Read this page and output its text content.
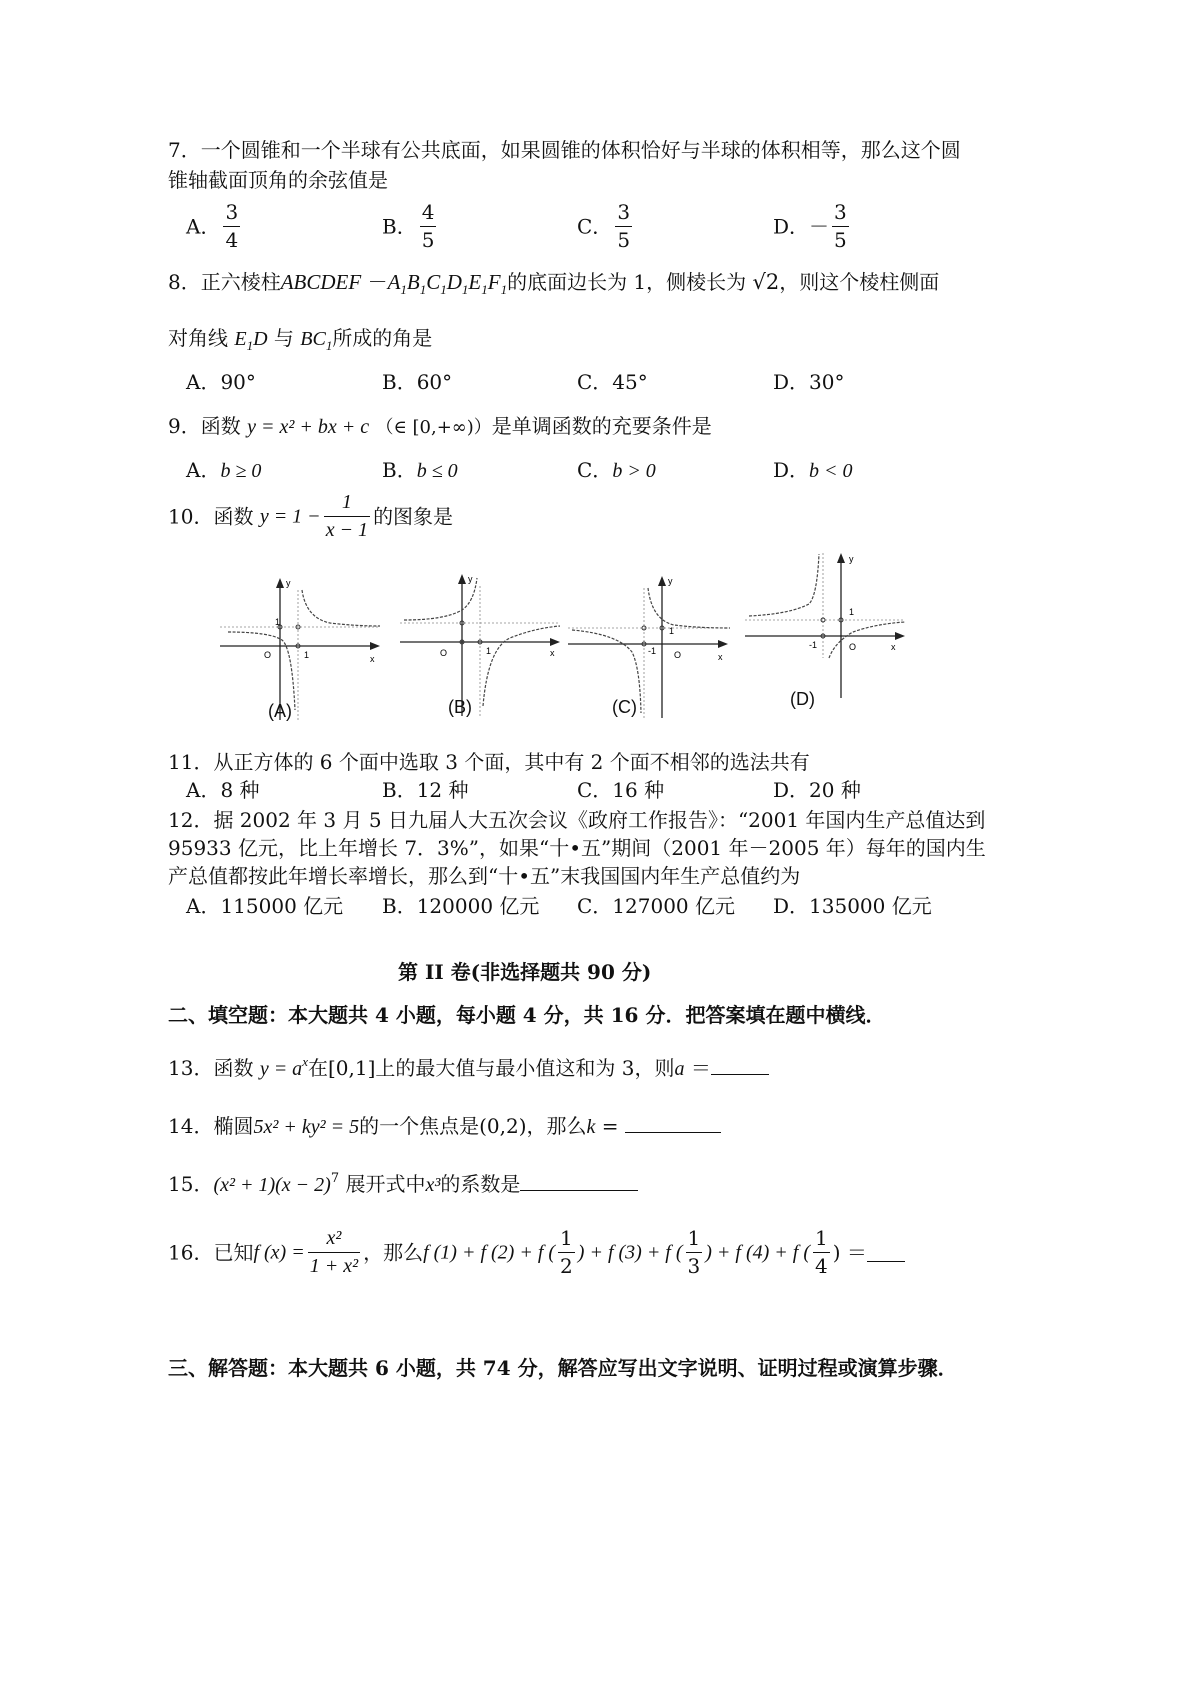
7．一个圆锥和一个半球有公共底面，如果圆锥的体积恰好与半球的体积相等，那么这个圆
锥轴截面顶角的余弦值是
A． $\frac{3}{4}$	B． $\frac{4}{5}$	C． $\frac{3}{5}$	D．－ $\frac{3}{5}$
8．正六棱柱ABCDEF $-A_1B_1C_1D_1E_1F_1$的底面边长为 1，侧棱长为 √2，则这个棱柱侧面
对角线 $E_1D$ 与 $BC_1$所成的角是
A．90°	B．60°	C．45°	D．30°
9．函数 y = x² + bx + c （∈ [0,+∞)）是单调函数的充要条件是
A．b ≥ 0	B．b ≤ 0	C．b > 0	D．b < 0
10．函数 $y = 1 - \frac{1}{x - 1}$ 的图象是
1
1
O
y
x
(A)
1
O
y
x
(B)
1
-1 O
y
x
(C)
1
-1	O
y
x
(D)
11．从正方体的 6 个面中选取 3 个面，其中有 2 个面不相邻的选法共有
A．8 种	B．12 种	C．16 种	D．20 种
12．据 2002 年 3 月 5 日九届人大五次会议《政府工作报告》：“2001 年国内生产总值达到
95933 亿元，比上年增长 7．3%”，如果“十•五”期间（2001 年－2005 年）每年的国内生
产总值都按此年增长率增长，那么到“十•五”末我国国内年生产总值约为
A．115000 亿元 B．120000 亿元 C．127000 亿元 D．135000 亿元
第 II 卷(非选择题共 90 分)
二、填空题：本大题共 4 小题，每小题 4 分，共 16 分．把答案填在题中横线．
13．函数 $y = a^x$在[0,1]上的最大值与最小值这和为 3，则a ＝
14．椭圆5x² + ky² = 5的一个焦点是(0,2)，那么k =
15．$(x^2 + 1)(x - 2)^7$ 展开式中x³的系数是
16．已知f $(x) = \frac{\text{x²}}{\text{1 + x²}}$ ，那么f (1) + f (2) + f ( $\frac{1}{2}$ ) + f (3) + f ( $\frac{1}{3}$ ) + f (4) + f ( $\frac{1}{4}$ ) ＝
三、解答题：本大题共 6 小题，共 74 分，解答应写出文字说明、证明过程或演算步骤．
